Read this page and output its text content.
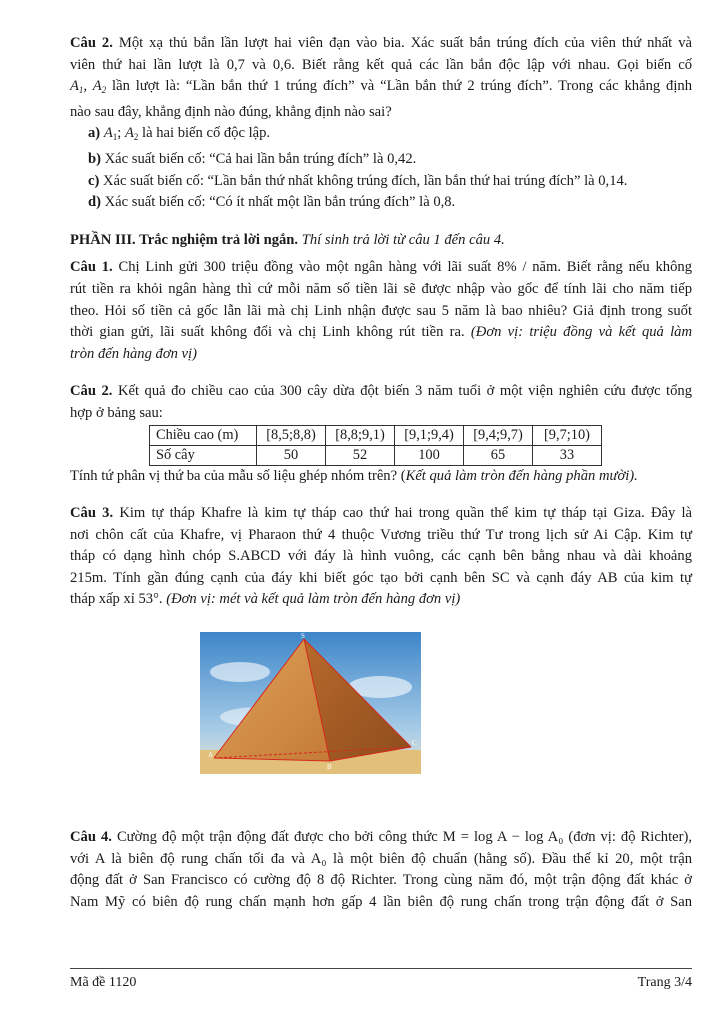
Câu 2. Một xạ thủ bắn lần lượt hai viên đạn vào bia. Xác suất bắn trúng đích của viên thứ nhất và

viên thứ hai lần lượt là 0,7 và 0,6. Biết rằng kết quả các lần bắn độc lập với nhau. Gọi biến cố

$A_1$, $A_2$ lần lượt là: “Lần bắn thứ 1 trúng đích” và “Lần bắn thứ 2 trúng đích”. Trong các khẳng định

nào sau đây, khẳng định nào đúng, khẳng định nào sai?

a) $A_1$; $A_2$ là hai biến cố độc lập.
b) Xác suất biến cố: “Cả hai lần bắn trúng đích” là 0,42.
c) Xác suất biến cố: “Lần bắn thứ nhất không trúng đích, lần bắn thứ hai trúng đích” là 0,14.
d) Xác suất biến cố: “Có ít nhất một lần bắn trúng đích” là 0,8.

PHẦN III. Trắc nghiệm trả lời ngắn. Thí sinh trả lời từ câu 1 đến câu 4.

Câu 1. Chị Linh gửi 300 triệu đồng vào một ngân hàng với lãi suất 8% / năm. Biết rằng nếu không

rút tiền ra khỏi ngân hàng thì cứ mỗi năm số tiền lãi sẽ được nhập vào gốc để tính lãi cho năm tiếp

theo. Hỏi số tiền cả gốc lẫn lãi mà chị Linh nhận được sau 5 năm là bao nhiêu? Giả định trong suốt

thời gian gửi, lãi suất không đổi và chị Linh không rút tiền ra. (Đơn vị: triệu đồng và kết quả làm

tròn đến hàng đơn vị)

Câu 2. Kết quả đo chiều cao của 300 cây dừa đột biến 3 năm tuổi ở một viện nghiên cứu được tổng

hợp ở bảng sau:

Chiều cao (m)	[8,5;8,8)	[8,8;9,1)	[9,1;9,4)	[9,4;9,7)	[9,7;10)
Số cây	50	52	100	65	33

Tính tứ phân vị thứ ba của mẫu số liệu ghép nhóm trên? (Kết quả làm tròn đến hàng phần mười).

Câu 3. Kim tự tháp Khafre là kim tự tháp cao thứ hai trong quần thể kim tự tháp tại Giza. Đây là

nơi chôn cất của Khafre, vị Pharaon thứ 4 thuộc Vương triều thứ Tư trong lịch sử Ai Cập. Kim tự

tháp có dạng hình chóp S.ABCD với đáy là hình vuông, các cạnh bên bằng nhau và dài khoảng

215m. Tính gần đúng cạnh của đáy khi biết góc tạo bởi cạnh bên SC và cạnh đáy AB của kim tự

tháp xấp xỉ 53°. (Đơn vị: mét và kết quả làm tròn đến hàng đơn vị)

Câu 4. Cường độ một trận động đất được cho bởi công thức M = log A − log A₀ (đơn vị: độ Richter),

với A là biên độ rung chấn tối đa và A₀ là một biên độ chuẩn (hằng số). Đầu thế kỉ 20, một trận

động đất ở San Francisco có cường độ 8 độ Richter. Trong cùng năm đó, một trận động đất khác ở

Nam Mỹ có biên độ rung chấn mạnh hơn gấp 4 lần biên độ rung chấn trong trận động đất ở San

S
A
B
C
Mã đề 1120	Trang 3/4
